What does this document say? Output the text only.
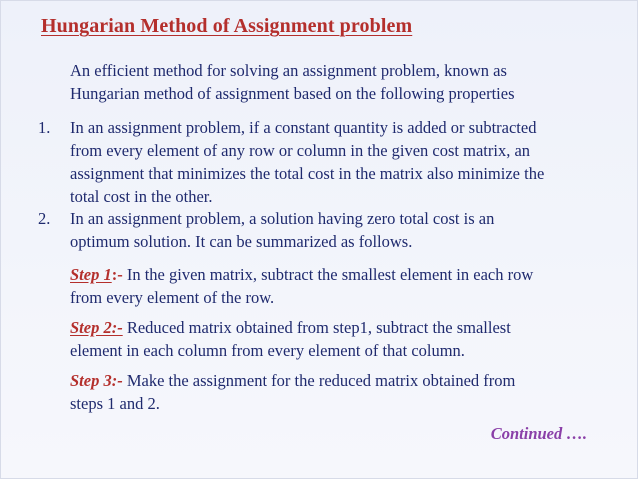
Hungarian Method of Assignment problem
An efficient method for solving an assignment problem, known as
Hungarian method of assignment based on the following properties
1.	In an assignment problem, if a constant quantity is added or subtracted
from every element of any row or column in the given cost matrix, an
assignment that minimizes the total cost in the matrix also minimize the
total cost in the other.
2.	In an assignment problem, a solution having zero total cost is an
optimum solution. It can be summarized as follows.
Step 1:- In the given matrix, subtract the smallest element in each row
from every element of the row.
Step 2:- Reduced matrix obtained from step1, subtract the smallest
element in each column from every element of that column.
Step 3:- Make the assignment for the reduced matrix obtained from
steps 1 and 2.
Continued ….
